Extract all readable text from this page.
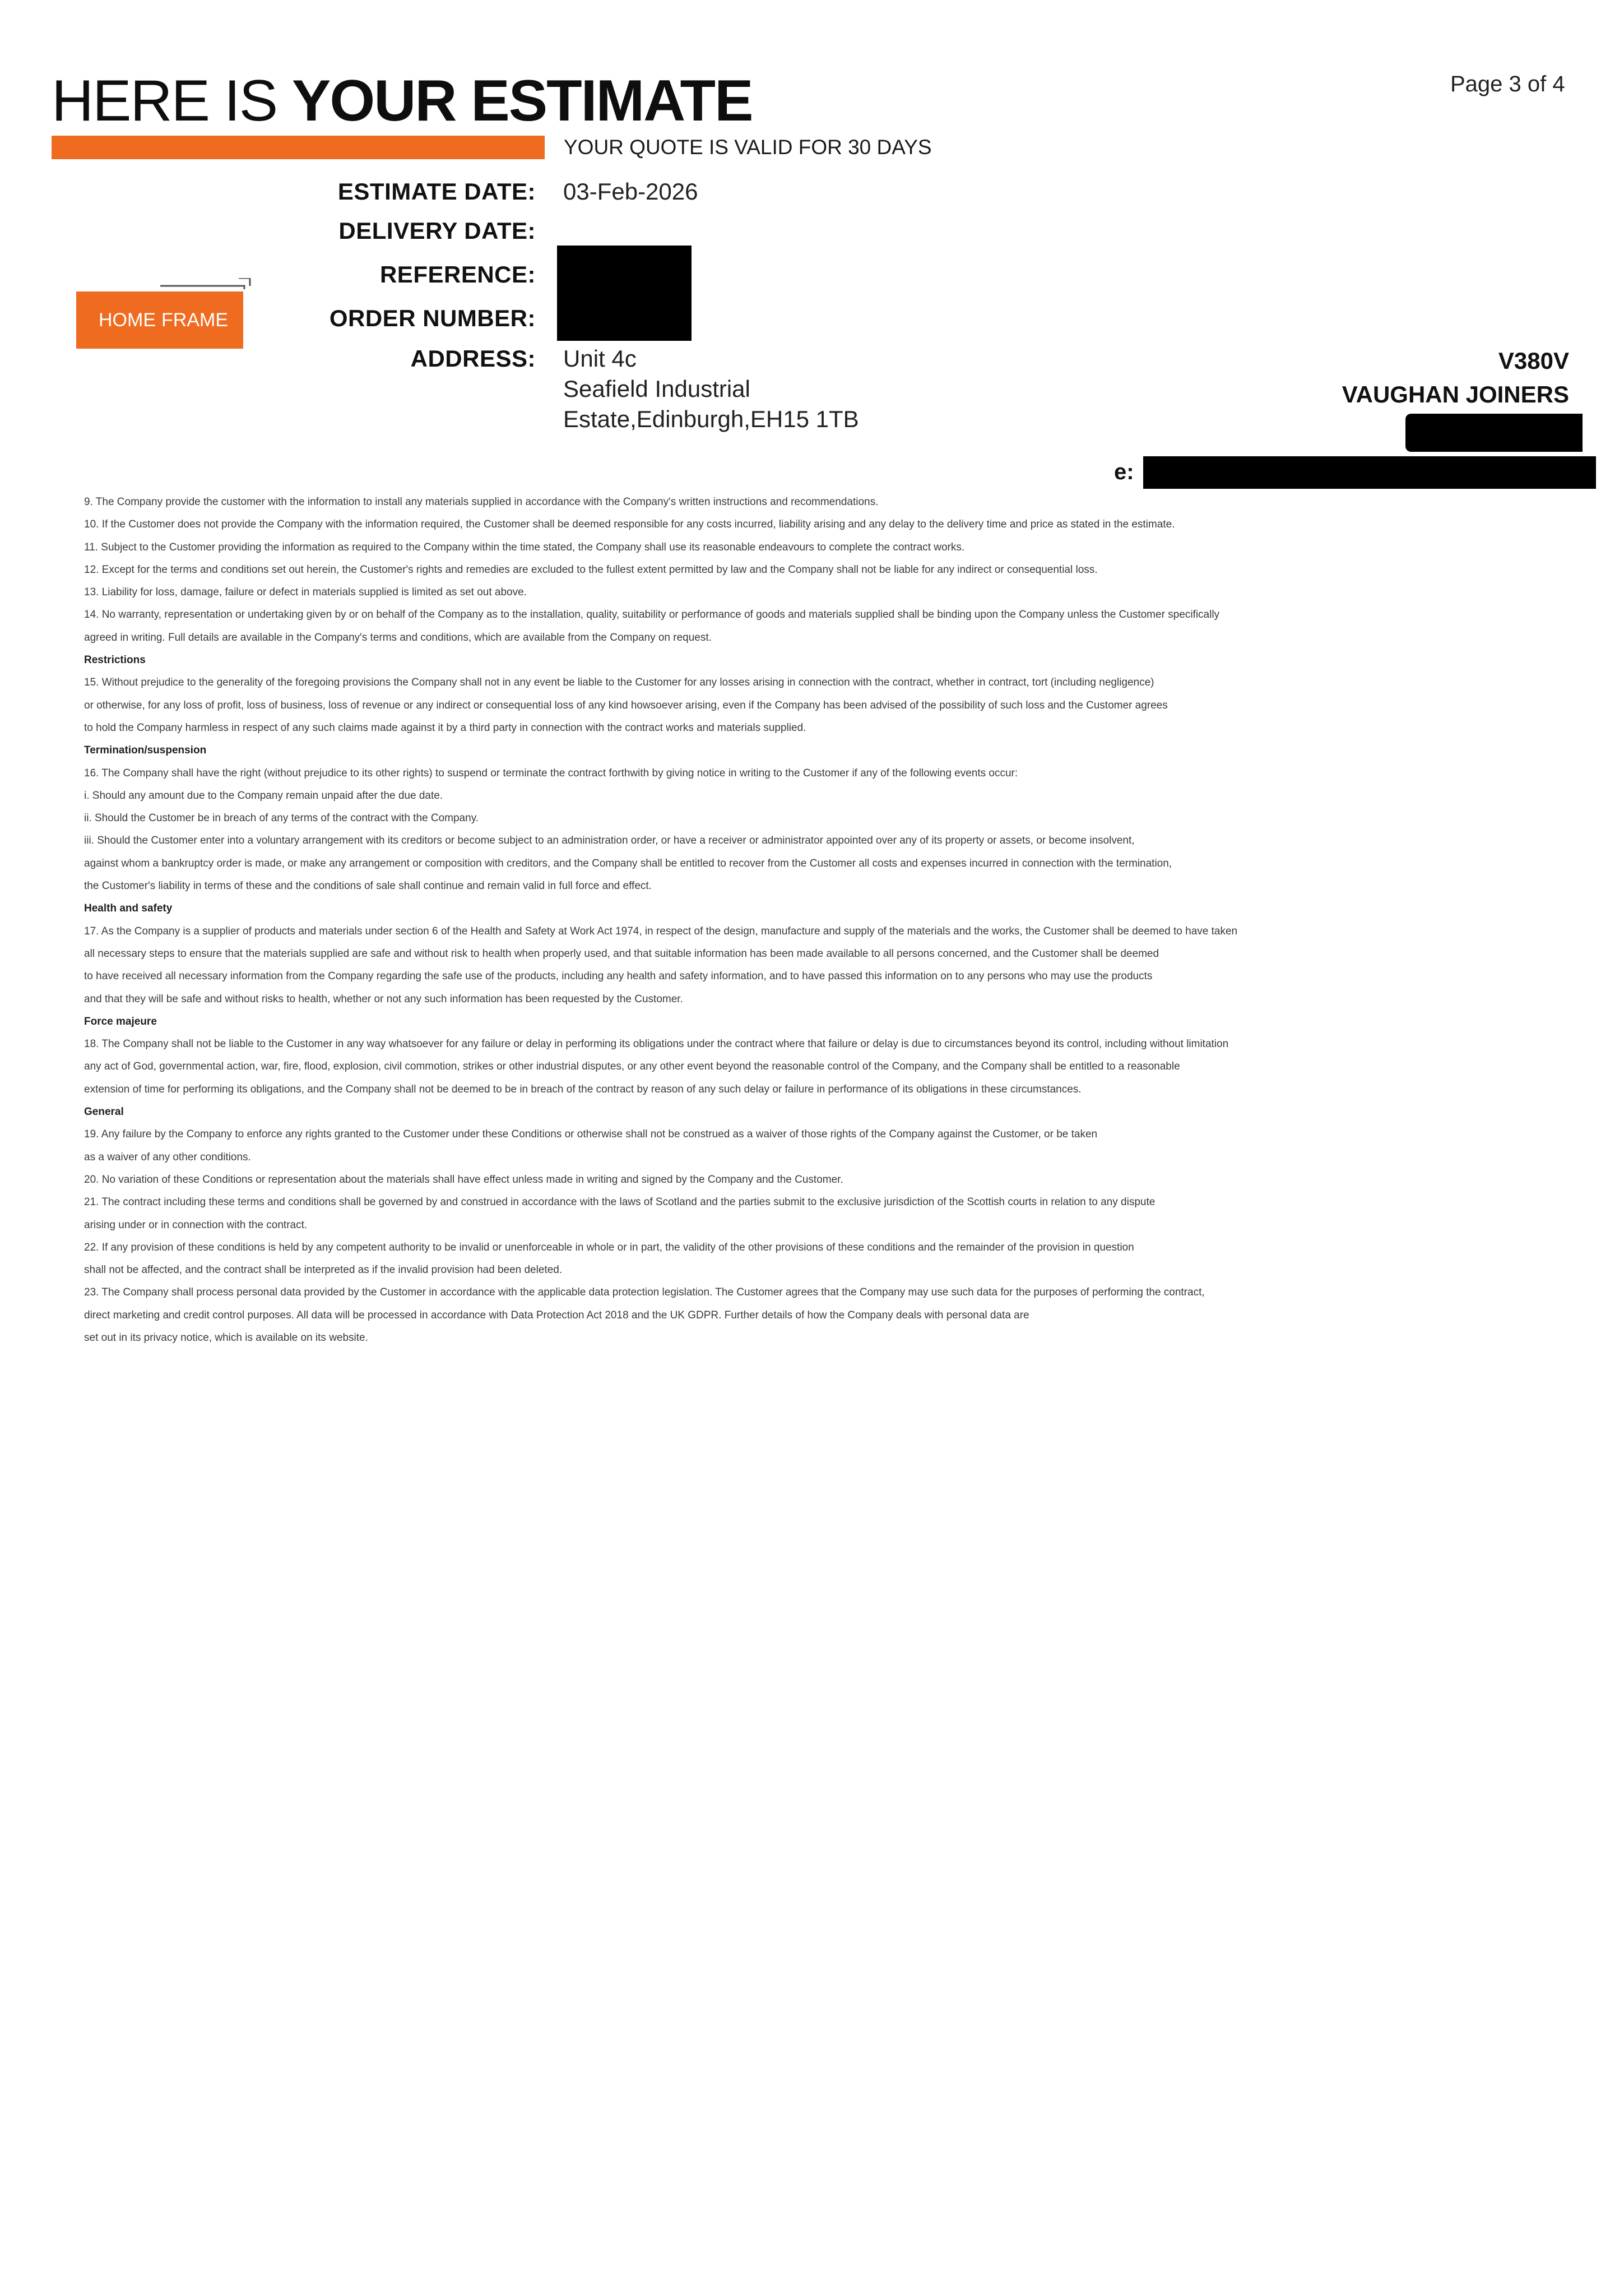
HERE IS YOUR ESTIMATE
YOUR QUOTE IS VALID FOR 30 DAYS
Page 3 of 4
HOME FRAME
ESTIMATE DATE: 03-Feb-2026
DELIVERY DATE:
REFERENCE:
ORDER NUMBER:
ADDRESS: Unit 4c
Seafield Industrial
Estate,Edinburgh,EH15 1TB
V380V
VAUGHAN JOINERS
e:
9. The Company provide the customer with the information to install any materials supplied in accordance with the Company's written instructions and recommendations.
10. If the Customer does not provide the Company with the information required, the Customer shall be deemed responsible for any costs incurred, liability arising and any delay to the delivery time and price as stated in the estimate.
11. Subject to the Customer providing the information as required to the Company within the time stated, the Company shall use its reasonable endeavours to complete the contract works.
12. Except for the terms and conditions set out herein, the Customer's rights and remedies are excluded to the fullest extent permitted by law and the Company shall not be liable for any indirect or consequential loss.
13. Liability for loss, damage, failure or defect in materials supplied is limited as set out above.
14. No warranty, representation or undertaking given by or on behalf of the Company as to the installation, quality, suitability or performance of goods and materials supplied shall be binding upon the Company unless the Customer specifically
agreed in writing. Full details are available in the Company's terms and conditions, which are available from the Company on request.
Restrictions
15. Without prejudice to the generality of the foregoing provisions the Company shall not in any event be liable to the Customer for any losses arising in connection with the contract, whether in contract, tort (including negligence)
or otherwise, for any loss of profit, loss of business, loss of revenue or any indirect or consequential loss of any kind howsoever arising, even if the Company has been advised of the possibility of such loss and the Customer agrees
to hold the Company harmless in respect of any such claims made against it by a third party in connection with the contract works and materials supplied.
Termination/suspension
16. The Company shall have the right (without prejudice to its other rights) to suspend or terminate the contract forthwith by giving notice in writing to the Customer if any of the following events occur:
i. Should any amount due to the Company remain unpaid after the due date.
ii. Should the Customer be in breach of any terms of the contract with the Company.
iii. Should the Customer enter into a voluntary arrangement with its creditors or become subject to an administration order, or have a receiver or administrator appointed over any of its property or assets, or become insolvent,
against whom a bankruptcy order is made, or make any arrangement or composition with creditors, and the Company shall be entitled to recover from the Customer all costs and expenses incurred in connection with the termination,
the Customer's liability in terms of these and the conditions of sale shall continue and remain valid in full force and effect.
Health and safety
17. As the Company is a supplier of products and materials under section 6 of the Health and Safety at Work Act 1974, in respect of the design, manufacture and supply of the materials and the works, the Customer shall be deemed to have taken
all necessary steps to ensure that the materials supplied are safe and without risk to health when properly used, and that suitable information has been made available to all persons concerned, and the Customer shall be deemed
to have received all necessary information from the Company regarding the safe use of the products, including any health and safety information, and to have passed this information on to any persons who may use the products
and that they will be safe and without risks to health, whether or not any such information has been requested by the Customer.
Force majeure
18. The Company shall not be liable to the Customer in any way whatsoever for any failure or delay in performing its obligations under the contract where that failure or delay is due to circumstances beyond its control, including without limitation
any act of God, governmental action, war, fire, flood, explosion, civil commotion, strikes or other industrial disputes, or any other event beyond the reasonable control of the Company, and the Company shall be entitled to a reasonable
extension of time for performing its obligations, and the Company shall not be deemed to be in breach of the contract by reason of any such delay or failure in performance of its obligations in these circumstances.
General
19. Any failure by the Company to enforce any rights granted to the Customer under these Conditions or otherwise shall not be construed as a waiver of those rights of the Company against the Customer, or be taken
as a waiver of any other conditions.
20. No variation of these Conditions or representation about the materials shall have effect unless made in writing and signed by the Company and the Customer.
21. The contract including these terms and conditions shall be governed by and construed in accordance with the laws of Scotland and the parties submit to the exclusive jurisdiction of the Scottish courts in relation to any dispute
arising under or in connection with the contract.
22. If any provision of these conditions is held by any competent authority to be invalid or unenforceable in whole or in part, the validity of the other provisions of these conditions and the remainder of the provision in question
shall not be affected, and the contract shall be interpreted as if the invalid provision had been deleted.
23. The Company shall process personal data provided by the Customer in accordance with the applicable data protection legislation. The Customer agrees that the Company may use such data for the purposes of performing the contract,
direct marketing and credit control purposes. All data will be processed in accordance with Data Protection Act 2018 and the UK GDPR. Further details of how the Company deals with personal data are
set out in its privacy notice, which is available on its website.
